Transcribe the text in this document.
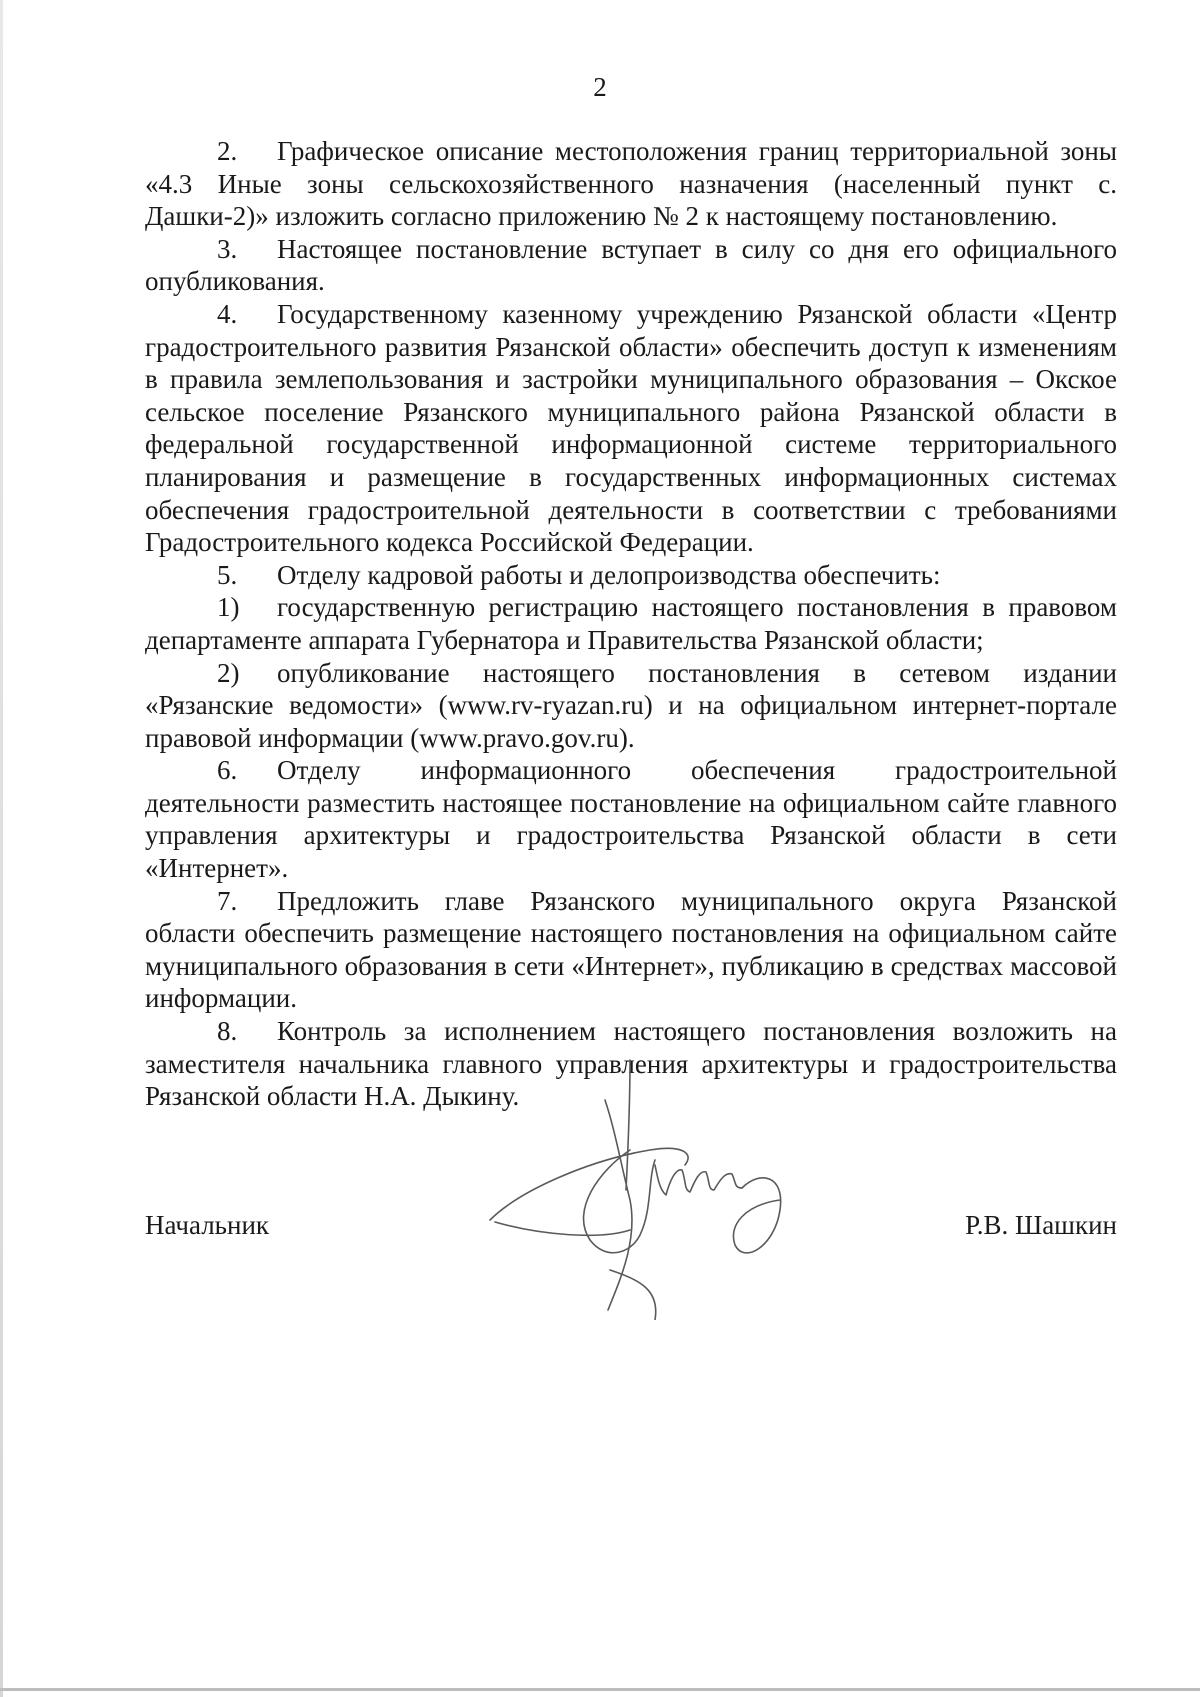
2

2. Графическое описание местоположения границ территориальной зоны «4.3 Иные зоны сельскохозяйственного назначения (населенный пункт с. Дашки-2)» изложить согласно приложению № 2 к настоящему постановлению.

3. Настоящее постановление вступает в силу со дня его официального опубликования.

4. Государственному казенному учреждению Рязанской области «Центр градостроительного развития Рязанской области» обеспечить доступ к изменениям в правила землепользования и застройки муниципального образования – Окское сельское поселение Рязанского муниципального района Рязанской области в федеральной государственной информационной системе территориального планирования и размещение в государственных информационных системах обеспечения градостроительной деятельности в соответствии с требованиями Градостроительного кодекса Российской Федерации.

5. Отделу кадровой работы и делопроизводства обеспечить:

1) государственную регистрацию настоящего постановления в правовом департаменте аппарата Губернатора и Правительства Рязанской области;

2) опубликование настоящего постановления в сетевом издании «Рязанские ведомости» (www.rv-ryazan.ru) и на официальном интернет-портале правовой информации (www.pravo.gov.ru).

6. Отделу информационного обеспечения градостроительной деятельности разместить настоящее постановление на официальном сайте главного управления архитектуры и градостроительства Рязанской области в сети «Интернет».

7. Предложить главе Рязанского муниципального округа Рязанской области обеспечить размещение настоящего постановления на официальном сайте муниципального образования в сети «Интернет», публикацию в средствах массовой информации.

8. Контроль за исполнением настоящего постановления возложить на заместителя начальника главного управления архитектуры и градостроительства Рязанской области Н.А. Дыкину.

Начальник	Р.В. Шашкин
